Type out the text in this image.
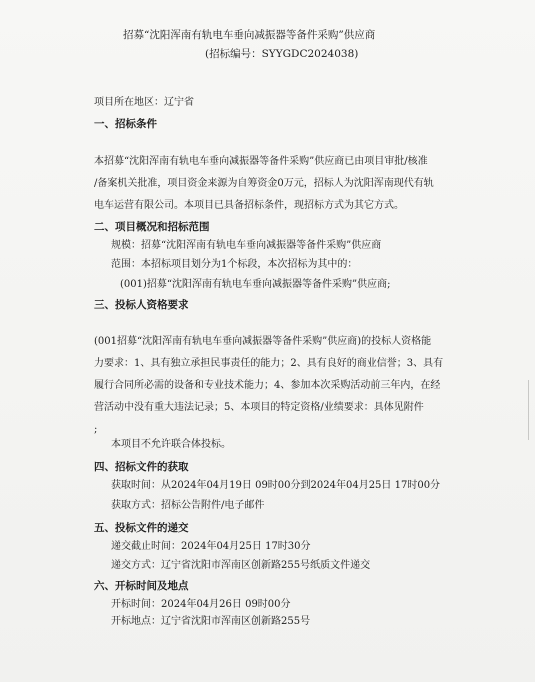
招募“沈阳浑南有轨电车垂向减振器等备件采购”供应商
(招标编号：SYYGDC2024038)
项目所在地区：辽宁省
一、招标条件
本招募“沈阳浑南有轨电车垂向减振器等备件采购”供应商已由项目审批/核准
/备案机关批准，项目资金来源为自筹资金0万元，招标人为沈阳浑南现代有轨
电车运营有限公司。本项目已具备招标条件，现招标方式为其它方式。
二、项目概况和招标范围
规模：招募“沈阳浑南有轨电车垂向减振器等备件采购”供应商
范围：本招标项目划分为1个标段，本次招标为其中的：
(001)招募“沈阳浑南有轨电车垂向减振器等备件采购”供应商;
三、投标人资格要求
(001招募“沈阳浑南有轨电车垂向减振器等备件采购”供应商)的投标人资格能
力要求：1、具有独立承担民事责任的能力；2、具有良好的商业信誉；3、具有
履行合同所必需的设备和专业技术能力；4、参加本次采购活动前三年内，在经
营活动中没有重大违法记录；5、本项目的特定资格/业绩要求：具体见附件
;
本项目不允许联合体投标。
四、招标文件的获取
获取时间：从2024年04月19日 09时00分到2024年04月25日 17时00分
获取方式：招标公告附件/电子邮件
五、投标文件的递交
递交截止时间：2024年04月25日 17时30分
递交方式：辽宁省沈阳市浑南区创新路255号纸质文件递交
六、开标时间及地点
开标时间：2024年04月26日 09时00分
开标地点：辽宁省沈阳市浑南区创新路255号
